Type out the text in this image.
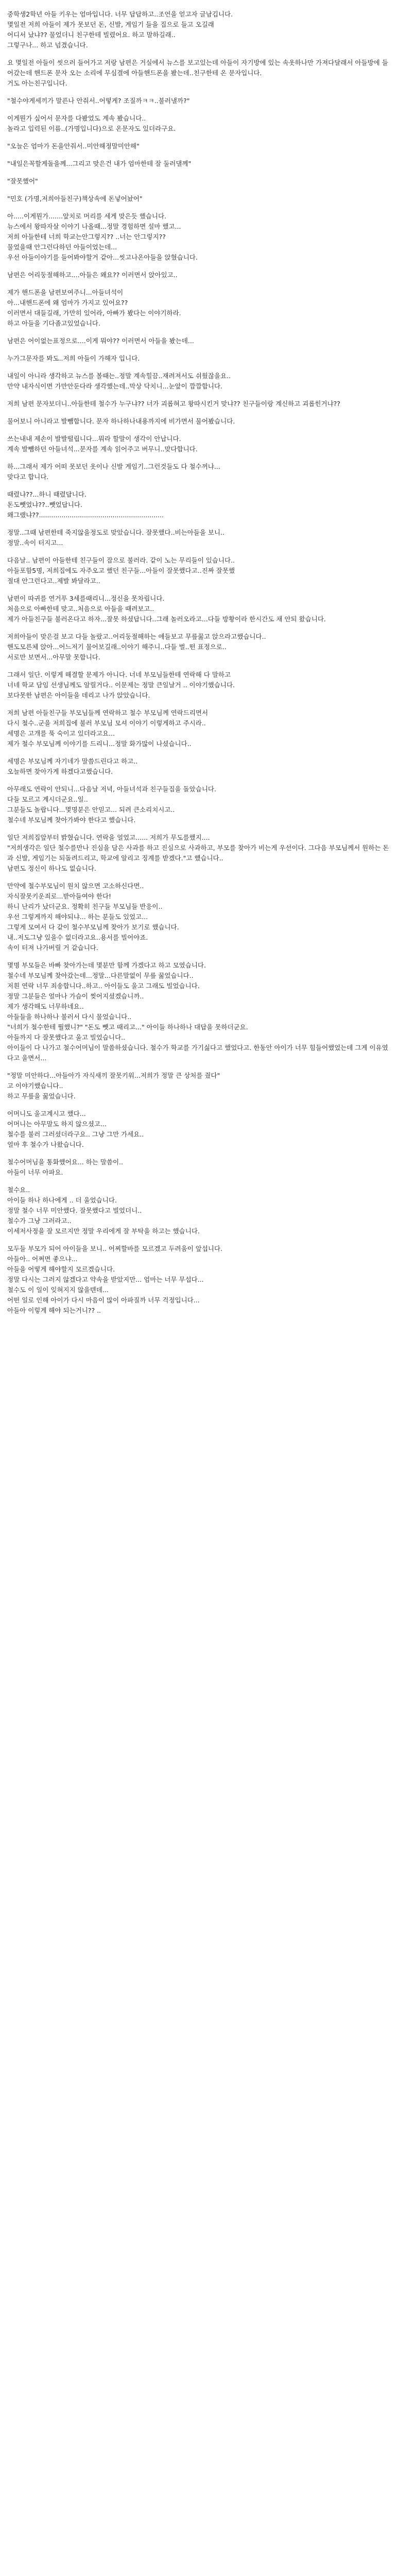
중학생2학년 아들 키우는 엄마입니다. 너무 답답하고..조언을 얻고자 글남깁니다.
몇일전 저희 아들이 제가 못보던 돈, 신발, 게임기 들을 집으로 들고 오길래
어디서 났냐?? 물었더니 친구한테 빌렸어요. 하고 말하길래..
그렇구나... 하고 넘겼습니다.

요 몇일전 아들이 씻으러 들어가고 저랑 남편은 거실에서 뉴스를 보고있는데 아들이 자기방에 있는 속옷하나만 가져다달래서 아들방에 들어갔는데 핸드폰 문자 오는 소리에 무심결에 아들핸드폰을 봤는데..친구한테 온 문자입니다.
거도 아는친구입니다.

"철수야게세끼가 말픈나 안줘서..어떻게? 조질까ㅋㅋ..불러낼까?"

이게뭔가 싶어서 문자를 다봤었도 계속 봤습니다..
놀라고 입력된 이름..(가명입니다)으로 온문자도 있더라구요.

"오늘은 엄마가 돈을안줘서..미안해정말미안해"

"내일은꼭할게돌을께...그리고 맞은건 내가 엄마한테 잘 둘러댈께"

"잘못했어"

"민호 (가명,저희아들친구)책상속에 돈넣어놨어"

아.....이게뭔가.......앞치로 머리를 세게 맞은듯 했습니다.
뉴스에서 왕따자살 이야기 나올때...정말 경험하면 설마 했고...
저희 아들한테 너희 학교는안그렇지?? ..너는 안그렇지??
물었을때 안그런다하던 아들이었는데...
우선 아들이야기를 들어봐야할거 같아...씻고나온아들을 앉혔습니다.

남편은 어리둥절해하고....아들은 왜요?? 이러면서 앉아있고..

제가 핸드폰을 남편보여주니...아들녀석이
아...내핸드폰에 왜 엄마가 가지고 있어요??
이러면서 대들길래, 가만히 있어라, 아빠가 봤다는 이야기하라.
하고 아들을 기다좀고있었습니다.

남편은 어이없는표정으로....이게 뭐야?? 이러면서 아들을 봤는데...

누가그문자를 봐도..저희 아들이 가해자 입니다.

내일이 아니라 생각하고 뉴스를 볼때는..정말 계속힐끔..재려져서도 쉬웠잖을요..
만약 내자식이면 가만안둔다라 생각했는데..막상 닥치니...눈앞이 깜깜합니다.

저희 남편 문자보더니..아들한테 철수가 누구냐?? 너가 괴롭혀고 왕따시킨거 맞냐?? 친구들이랑 계신하고 괴롭힌거냐??

물어보니 아니라고 발뺌합니다. 문자 하나하나내용까지에 비가면서 물어봤습니다.

쓰는내내 제손이 발발떨립니다...뭐라 할말이 생각이 안납니다.
계속 발뺌하던 아들녀석...문자를 계속 읽어주고 버무니..맞다합니다.

하...그래서 제가 어떠 못보던 옷이나 신발 게임기..그런것들도 다 철수꺼냐...
맞다고 합니다.

때렸냐??...하니 때렸답니다.
돈도뺏었냐??..뺏었답니다.
왜그랬냐??.............................................................

정말..그때 남편한테 죽지않을정도로 맞았습니다. 잘못했다..비는아들을 보니..
정말..속이 터지고...

다음날.. 남편이 아들한테 친구들이 잡으로 불러라. 같이 노는 무리들이 있습니다..
아들포함5명, 저희집에도 자주오고 했던 친구들...아들이 잘못했다고..진짜 잘못했
절대 안그런다고..제발 봐달라고..

남편이 따귀를 연거푸 3세를때리니...정신을 못차립니다.
처음으로 아빠한테 맞고..처음으로 아들을 때려보고..
제가 아들친구들 불러온다고 하자...잘못 하셨답니다..그래 놀러오라고...다들 방황이라 한시간도 채 안되 왔습니다.

저희아들이 맞은걸 보고 다들 놀랐고..어리둥절해하는 애들보고 무릎꿇고 앉으라고했습니다..
핸도모른체 앉아...어느저기 물어보길래..이야기 해주니..다들 벌..떤 표정으로..
서로만 보면서...아무말 못합니다.

그래서 일단. 이렇게 해결할 문제가 아니다. 너네 부모님들한테 연락해 다 말하고
너네 학교 담임 선생님께도 알릴거다.. 이문제는 정말 큰일날거 .. 이야기했습니다.
보다못한 남편은 아이들을 데리고 나가 앉았습니다.

저희 남편 아들친구들 부모님들께 연락하고 철수 부모님께 연락드리면서
다시 철수..군을 저희집에 불러 부모님 모셔 이야기 이렇게하고 주시라..
세명은 고개를 푹 숙이고 있더라고요...
제가 철수 부모님께 이야기를 드리니...정말 화가많이 나셨습니다..

세명은 부모님께 자기네가 말씀드린다고 하고..
오늘하면 찾아가게 하겠다고했습니다.

아무래도 연락이 안되니...다음날 저녁, 아들녀석과 친구들집을 돌았습니다.
다들 모르고 계시더군요..일..
그분들도 놀랍니다...몇명분은 안믿고... 되려 큰소리치시고..
철수네 부모님께 찾아가봐야 한다고 했습니다.

일단 저희집앞부터 밝혔습니다. 연락을 얼었고...... 저희가 무도를했지....
"저희생각은 일단 철수를만나 진심을 담은 사과를 하고 진심으로 사과하고, 부모를 찾아가 비는게 우선이다. 그다음 부모님께서 원하는 돈과 신발, 게임기는 되돌려드리고, 학교에 알리고 징계를 받겠다."고 했습니다..
남편도 정신이 하나도 없습니다.

만약에 철수부모님이 원치 않으면 고소하신다면..
자식잘못키운죄로...받아들여야 한다!
하니 난리가 났더군요. 정확히 친구들 부모님들 반응이..
우선 그렇게까지 해야되냐... 하는 분들도 있었고...
그렇게 모여서 다 같이 철수부모님께 찾아가 보기로 했습니다.
내..저도그냥 있을수 없더라고요..용서를 빌어야죠.
속이 터져 나가버릴 거 같습니다.

몇명 부모들은 바빠 찾아가는데 몇분만 함께 가겠다고 하고 모였습니다.
철수네 부모님께 찾아갔는데...정말...다른말없이 무릎 꿇었습니다..
저흰 연락 너무 죄송합니다..하고.. 아이들도 울고 그래도 빌었습니다.
정말 그분들은 얼마나 가슴이 찢어지셨겠습니까..
제가 생각해도 너무하네요..
아들들을 하나하나 불러서 다시 물었습니다..
"너희가 철수한테 뭘했니?" "돈도 뺏고 때리고..." 아이들 하나하나 대답을 못하더군요.
아들까지 다 잘못했다고 울고 빌었습니다..
아이들이 다 나가고 철수어머님이 말씀하셨습니다. 철수가 학교를 가기싫다고 했었다고. 한동안 아이가 너무 힘들어했었는데 그게 이유였다고 울면서...

"정말 미안하다...아들아가 자식새끼 잘못키워...저희가 정말 큰 상처를 줬다"
고 이야기했습니다..
하고 무릎을 꿇었습니다.

어머니도 울고계시고 했다...
어머니는 아무말도 하지 않으셨고...
철수를 불러 그러셨더라구요.. 그냥 그만 가세요..
얼마 후 철수가 나왔습니다.

철수어머님을 통화했어요... 하는 말씀이..
아들이 너무 아파요.

철수요..
아이들 하나 하나에게 .. 더 울었습니다.
정말 철수 너무 미안했다. 잘못했다고 빌었더니..
철수가 그냥 그러라고..
이세저사정을 잘 모르지만 정말 우리에게 잘 부탁을 하고는 했습니다.

모두들 부모가 되어 아이들을 보니.. 어찌할바를 모르겠고 두려움이 앞섭니다.
아들아.. 어쩌면 좋으냐...
아들을 어떻게 해야할지 모르겠습니다.
정말 다시는 그러지 않겠다고 약속을 받았지만... 엄마는 너무 무섭다...
철수도 이 일이 잊혀지지 않을텐데...
어떤 일로 인해 아이가 다시 마음이 많이 아파질까 너무 걱정입니다...
아들아 이렇게 해야 되는거니?? ..
